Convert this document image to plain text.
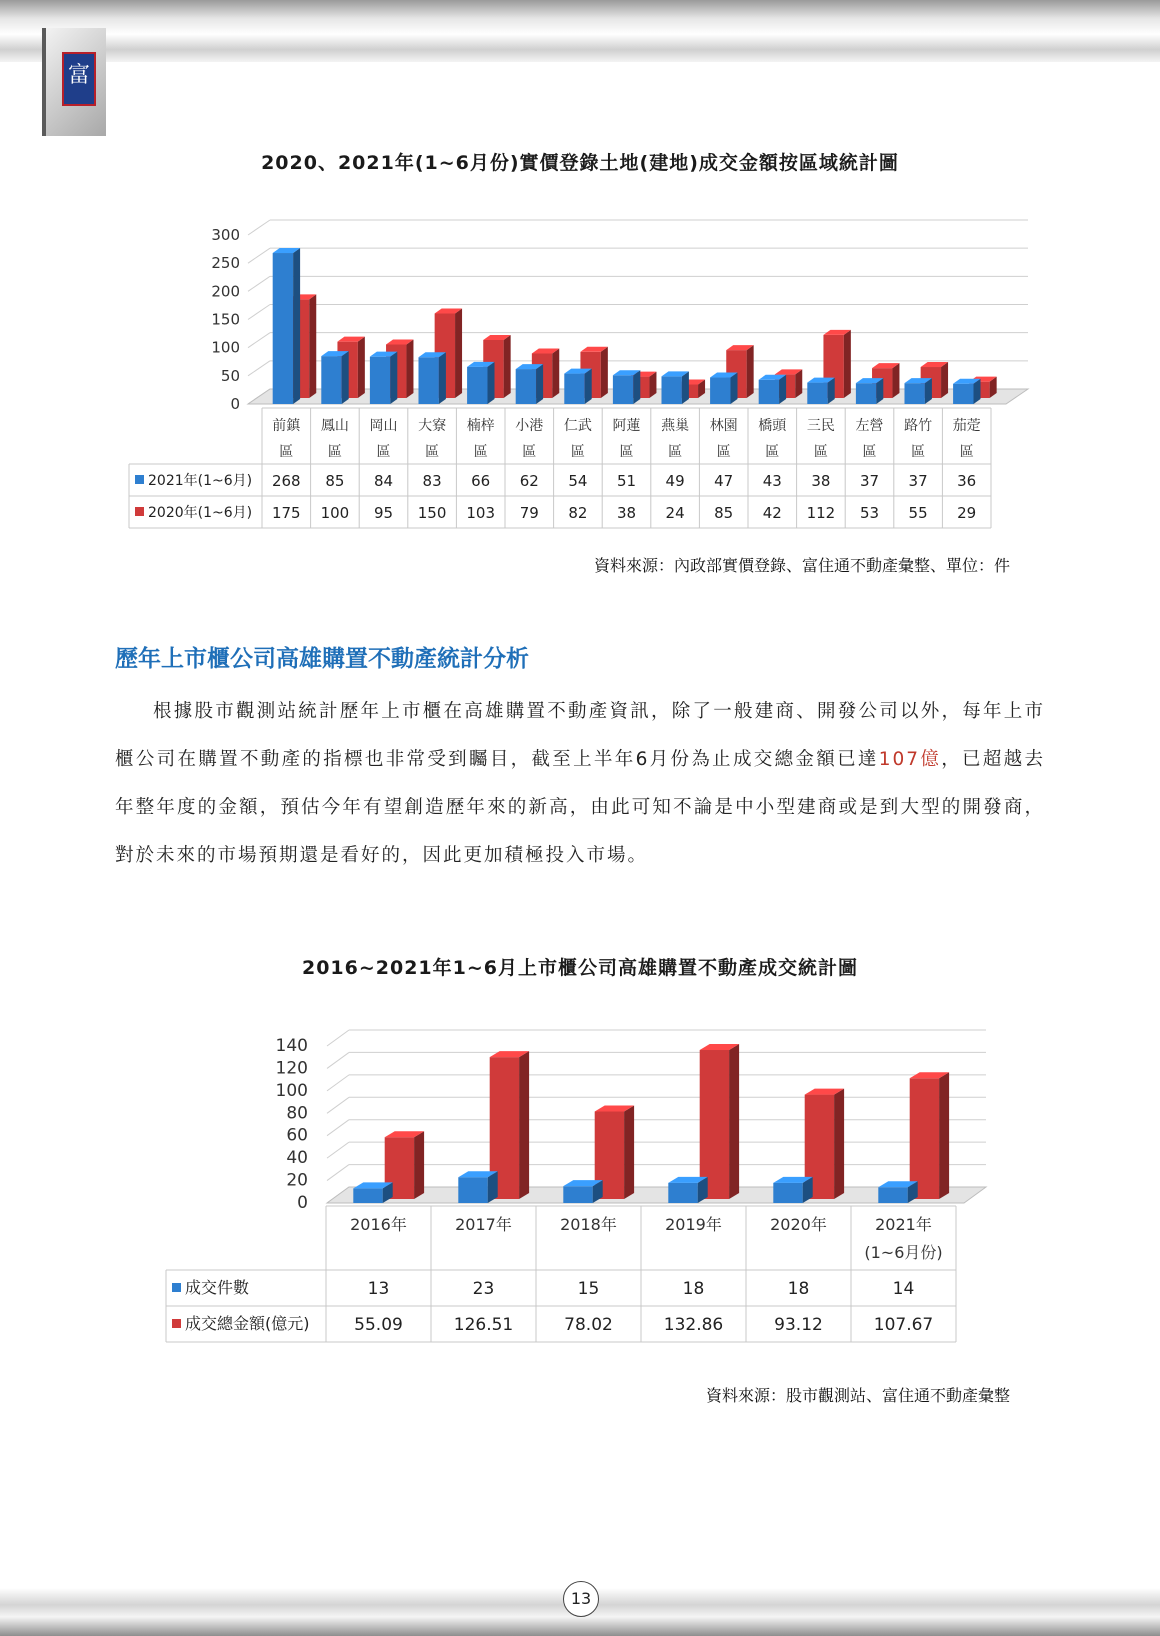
富
2020、2021年(1~6月份)實價登錄土地(建地)成交金額按區域統計圖
0
50
100
150
200
250
300
前鎮
區
268
175
鳳山
區
85
100
岡山
區
84
95
大寮
區
83
150
楠梓
區
66
103
小港
區
62
79
仁武
區
54
82
阿蓮
區
51
38
燕巢
區
49
24
林園
區
47
85
橋頭
區
43
42
三民
區
38
112
左營
區
37
53
路竹
區
37
55
茄萣
區
36
29
2021年(1~6月)
2020年(1~6月)
資料來源：內政部實價登錄、富住通不動產彙整、單位：件
歷年上市櫃公司高雄購置不動產統計分析
根據股市觀測站統計歷年上市櫃在高雄購置不動產資訊，除了一般建商、開發公司以外，每年上市櫃公司在購置不動產的指標也非常受到矚目，截至上半年6月份為止成交總金額已達107億，已超越去年整年度的金額，預估今年有望創造歷年來的新高，由此可知不論是中小型建商或是到大型的開發商，對於未來的市場預期還是看好的，因此更加積極投入市場。
2016~2021年1~6月上市櫃公司高雄購置不動產成交統計圖
0
20
40
60
80
100
120
140
2016年
13
55.09
2017年
23
126.51
2018年
15
78.02
2019年
18
132.86
2020年
18
93.12
2021年
(1~6月份)
14
107.67
成交件數
成交總金額(億元)
資料來源：股市觀測站、富住通不動產彙整
13
